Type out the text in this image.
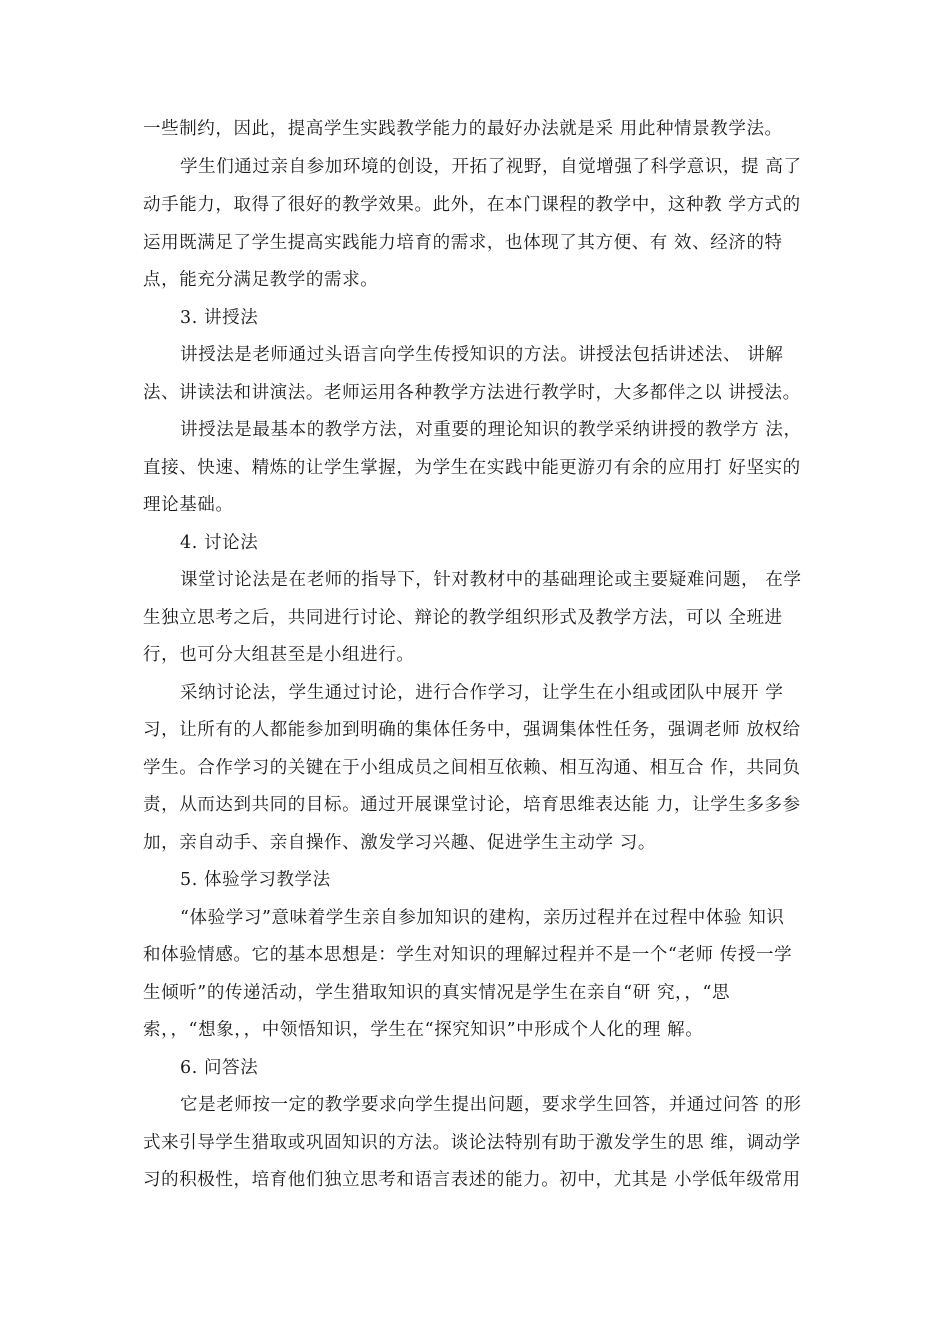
一些制约，因此，提高学生实践教学能力的最好办法就是采 用此种情景教学法。
学生们通过亲自参加环境的创设，开拓了视野，自觉增强了科学意识，提 高了
动手能力，取得了很好的教学效果。此外，在本门课程的教学中，这种教 学方式的
运用既满足了学生提高实践能力培育的需求，也体现了其方便、有 效、经济的特
点，能充分满足教学的需求。
3. 讲授法
讲授法是老师通过头语言向学生传授知识的方法。讲授法包括讲述法、 讲解
法、讲读法和讲演法。老师运用各种教学方法进行教学时，大多都伴之以 讲授法。
讲授法是最基本的教学方法，对重要的理论知识的教学采纳讲授的教学方 法，
直接、快速、精炼的让学生掌握，为学生在实践中能更游刃有余的应用打 好坚实的
理论基础。
4. 讨论法
课堂讨论法是在老师的指导下，针对教材中的基础理论或主要疑难问题， 在学
生独立思考之后，共同进行讨论、辩论的教学组织形式及教学方法，可以 全班进
行，也可分大组甚至是小组进行。
采纳讨论法，学生通过讨论，进行合作学习，让学生在小组或团队中展开 学
习，让所有的人都能参加到明确的集体任务中，强调集体性任务，强调老师 放权给
学生。合作学习的关键在于小组成员之间相互依赖、相互沟通、相互合 作，共同负
责，从而达到共同的目标。通过开展课堂讨论，培育思维表达能 力，让学生多多参
加，亲自动手、亲自操作、激发学习兴趣、促进学生主动学 习。
5. 体验学习教学法
“体验学习”意味着学生亲自参加知识的建构，亲历过程并在过程中体验 知识
和体验情感。它的基本思想是：学生对知识的理解过程并不是一个“老师 传授一学
生倾听”的传递活动，学生猎取知识的真实情况是学生在亲自“研 究，，“思
索，，“想象，，中领悟知识，学生在“探究知识”中形成个人化的理 解。
6. 问答法
它是老师按一定的教学要求向学生提出问题，要求学生回答，并通过问答 的形
式来引导学生猎取或巩固知识的方法。谈论法特别有助于激发学生的思 维，调动学
习的积极性，培育他们独立思考和语言表述的能力。初中，尤其是 小学低年级常用
